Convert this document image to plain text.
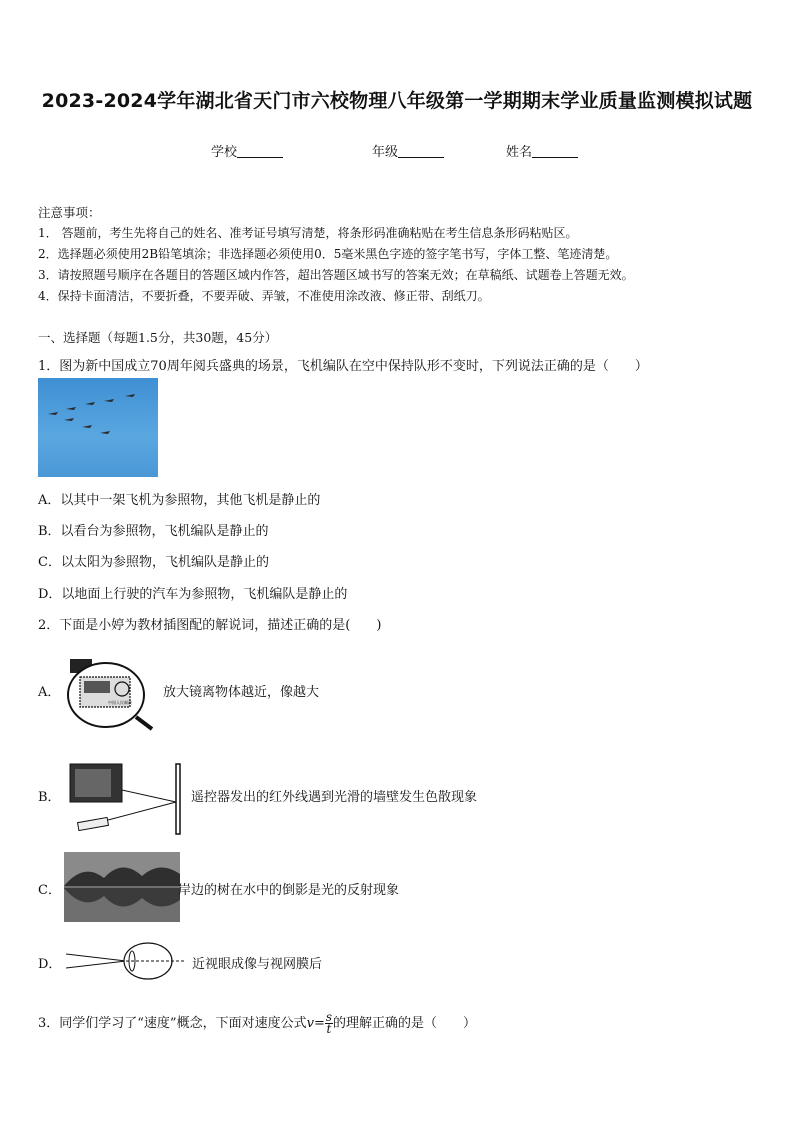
2023-2024学年湖北省天门市六校物理八年级第一学期期末学业质量监测模拟试题
学校	年级	姓名
注意事项：
1． 答题前，考生先将自己的姓名、准考证号填写清楚，将条形码准确粘贴在考生信息条形码粘贴区。
2．选择题必须使用2B铅笔填涂；非选择题必须使用0．5毫米黑色字迹的签字笔书写，字体工整、笔迹清楚。
3．请按照题号顺序在各题目的答题区域内作答，超出答题区域书写的答案无效；在草稿纸、试题卷上答题无效。
4．保持卡面清洁，不要折叠，不要弄破、弄皱，不准使用涂改液、修正带、刮纸刀。
一、选择题（每题1.5分，共30题，45分）
1．图为新中国成立70周年阅兵盛典的场景，飞机编队在空中保持队形不变时，下列说法正确的是（　　）
A．以其中一架飞机为参照物，其他飞机是静止的
B．以看台为参照物，飞机编队是静止的
C．以太阳为参照物，飞机编队是静止的
D．以地面上行驶的汽车为参照物，飞机编队是静止的
2．下面是小婷为教材插图配的解说词，描述正确的是(　　)
A．
中国人民邮政
放大镜离物体越近，像越大
B．	遥控器发出的红外线遇到光滑的墙壁发生色散现象
C．	岸边的树在水中的倒影是光的反射现象
D．	近视眼成像与视网膜后
3．同学们学习了“速度”概念，下面对速度公式$v= \frac{s}{t}$的理解正确的是（　　）
